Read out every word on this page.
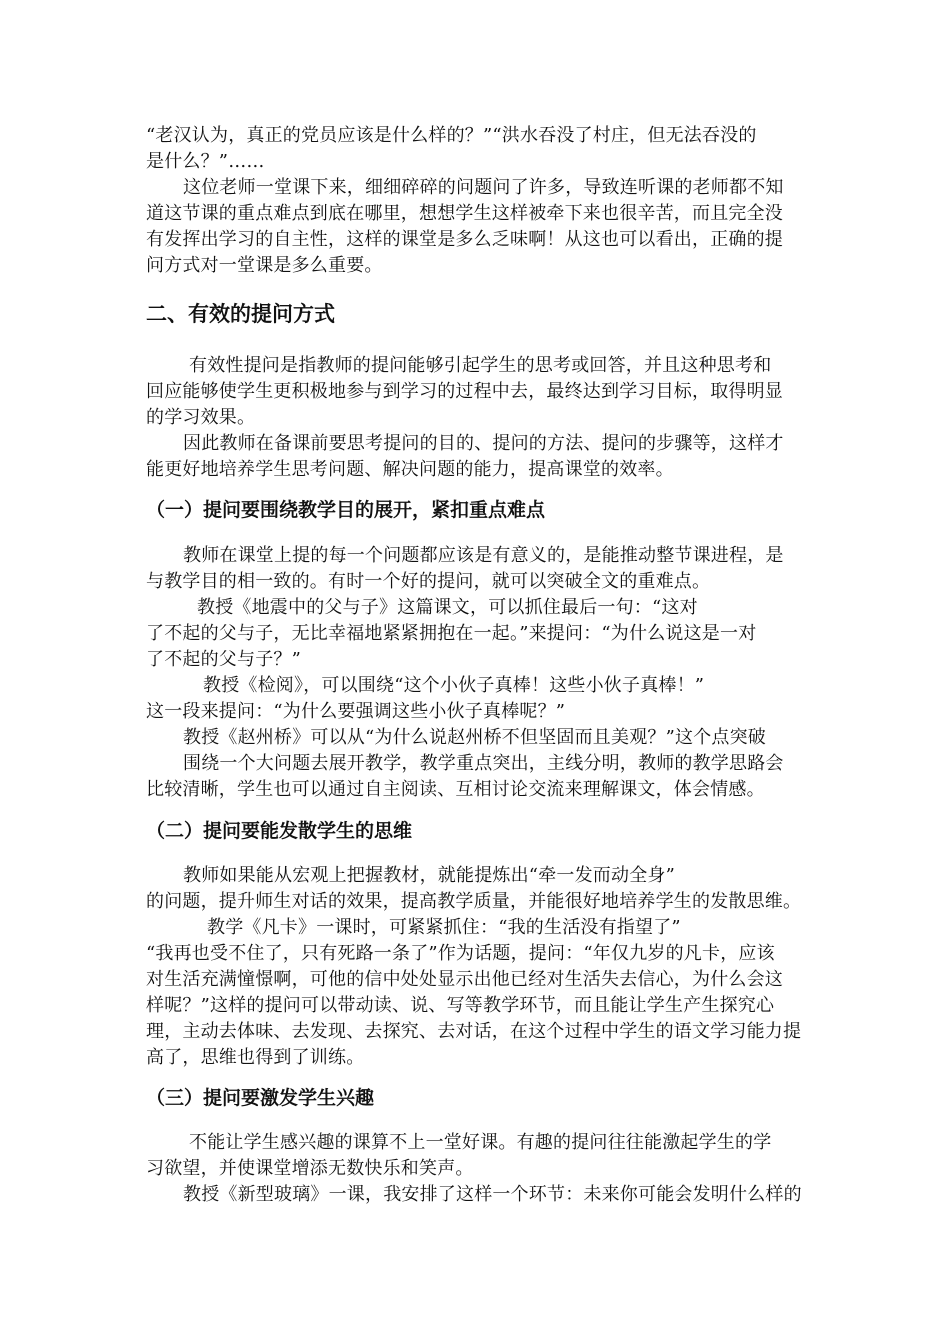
“老汉认为，真正的党员应该是什么样的？”“洪水吞没了村庄，但无法吞没的
是什么？”……
这位老师一堂课下来，细细碎碎的问题问了许多，导致连听课的老师都不知
道这节课的重点难点到底在哪里，想想学生这样被牵下来也很辛苦，而且完全没
有发挥出学习的自主性，这样的课堂是多么乏味啊！从这也可以看出，正确的提
问方式对一堂课是多么重要。
二、有效的提问方式
有效性提问是指教师的提问能够引起学生的思考或回答，并且这种思考和
回应能够使学生更积极地参与到学习的过程中去，最终达到学习目标，取得明显
的学习效果。
因此教师在备课前要思考提问的目的、提问的方法、提问的步骤等，这样才
能更好地培养学生思考问题、解决问题的能力，提高课堂的效率。
（一）提问要围绕教学目的展开，紧扣重点难点
教师在课堂上提的每一个问题都应该是有意义的，是能推动整节课进程，是
与教学目的相一致的。有时一个好的提问，就可以突破全文的重难点。
教授《地震中的父与子》这篇课文，可以抓住最后一句：“这对
了不起的父与子，无比幸福地紧紧拥抱在一起。”来提问：“为什么说这是一对
了不起的父与子？”
教授《检阅》，可以围绕“这个小伙子真棒！这些小伙子真棒！”
这一段来提问：“为什么要强调这些小伙子真棒呢？”
教授《赵州桥》可以从“为什么说赵州桥不但坚固而且美观？”这个点突破
围绕一个大问题去展开教学，教学重点突出，主线分明，教师的教学思路会
比较清晰，学生也可以通过自主阅读、互相讨论交流来理解课文，体会情感。
（二）提问要能发散学生的思维
教师如果能从宏观上把握教材，就能提炼出“牵一发而动全身”
的问题，提升师生对话的效果，提高教学质量，并能很好地培养学生的发散思维。
教学《凡卡》一课时，可紧紧抓住：“我的生活没有指望了”
“我再也受不住了，只有死路一条了”作为话题，提问：“年仅九岁的凡卡，应该
对生活充满憧憬啊，可他的信中处处显示出他已经对生活失去信心，为什么会这
样呢？”这样的提问可以带动读、说、写等教学环节，而且能让学生产生探究心
理，主动去体味、去发现、去探究、去对话，在这个过程中学生的语文学习能力提
高了，思维也得到了训练。
（三）提问要激发学生兴趣
不能让学生感兴趣的课算不上一堂好课。有趣的提问往往能激起学生的学
习欲望，并使课堂增添无数快乐和笑声。
教授《新型玻璃》一课，我安排了这样一个环节：未来你可能会发明什么样的
